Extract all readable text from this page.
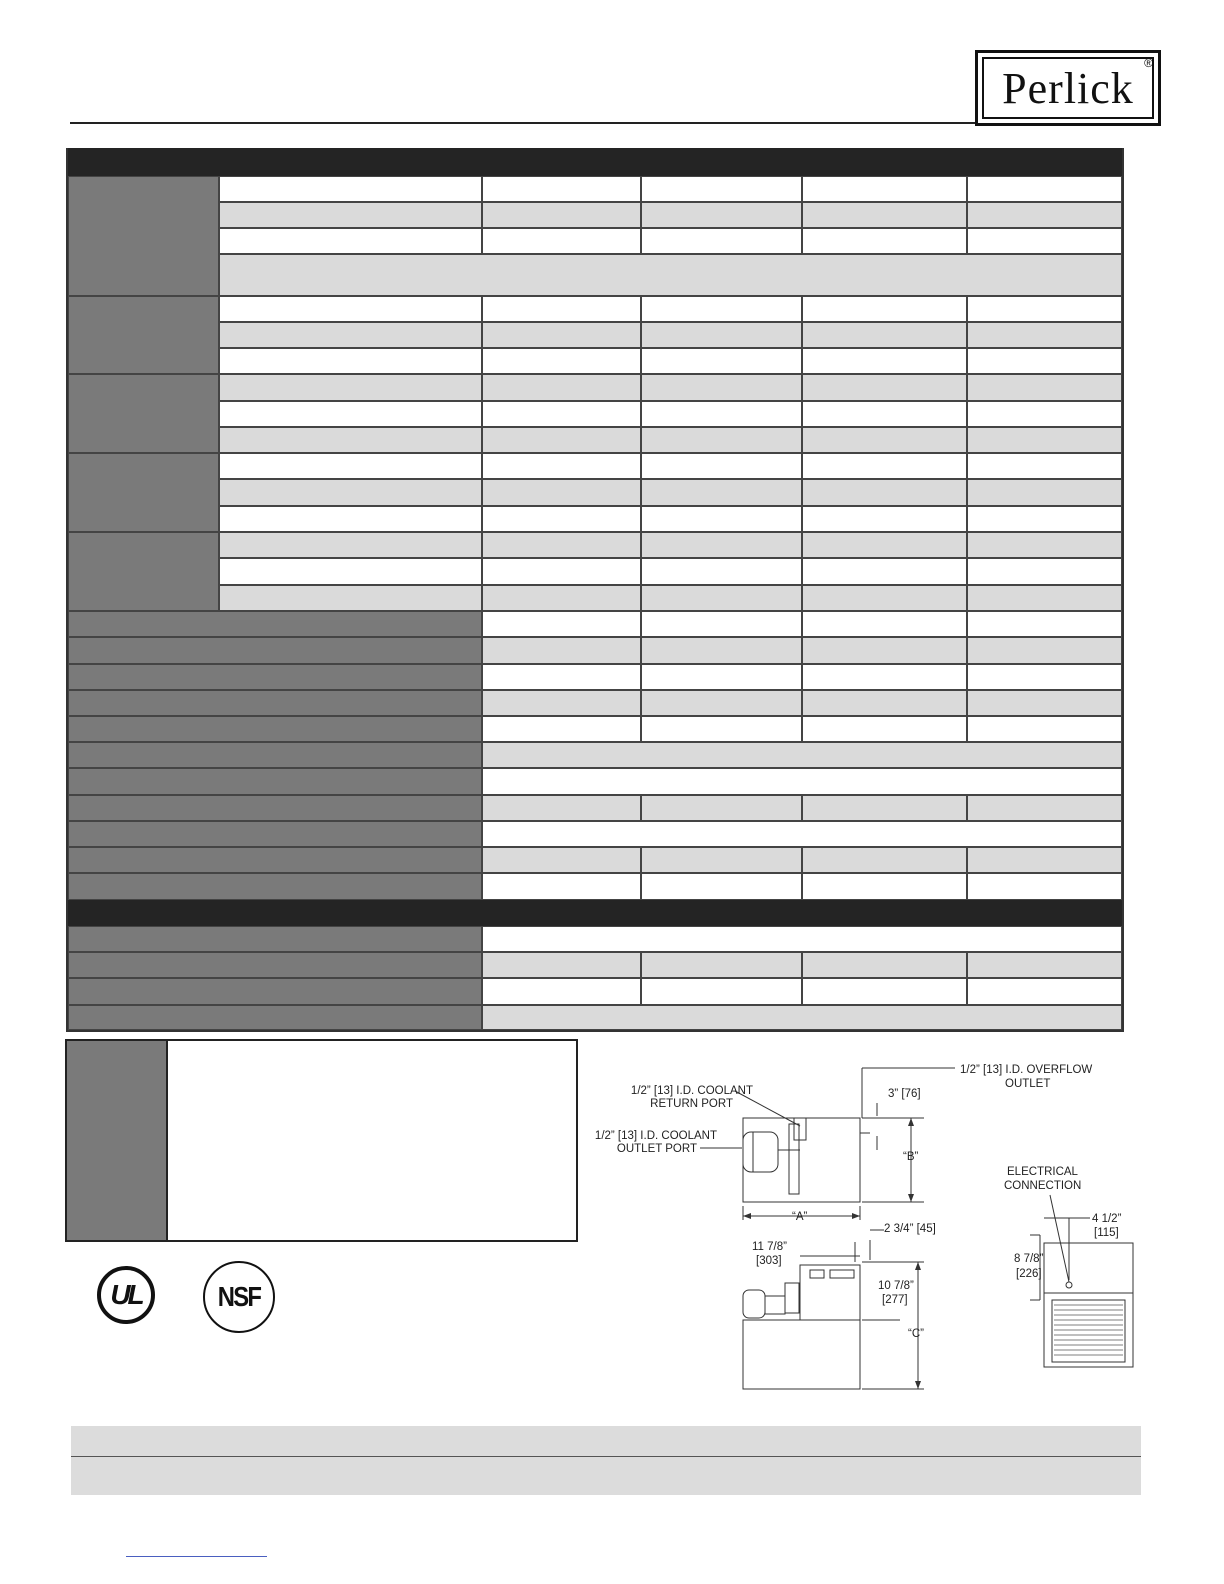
Perlick
®
UL	NSF
1/2” [13] I.D. COOLANT
RETURN PORT
1/2” [13] I.D. COOLANT
OUTLET PORT
1/2” [13] I.D. OVERFLOW
OUTLET
3” [76]
“B”
“A”
ELECTRICAL
CONNECTION
2 3/4” [45]
11 7/8”
[303]
10 7/8”
[277]
“C”
4 1/2”
[115]
8 7/8”
[226]
